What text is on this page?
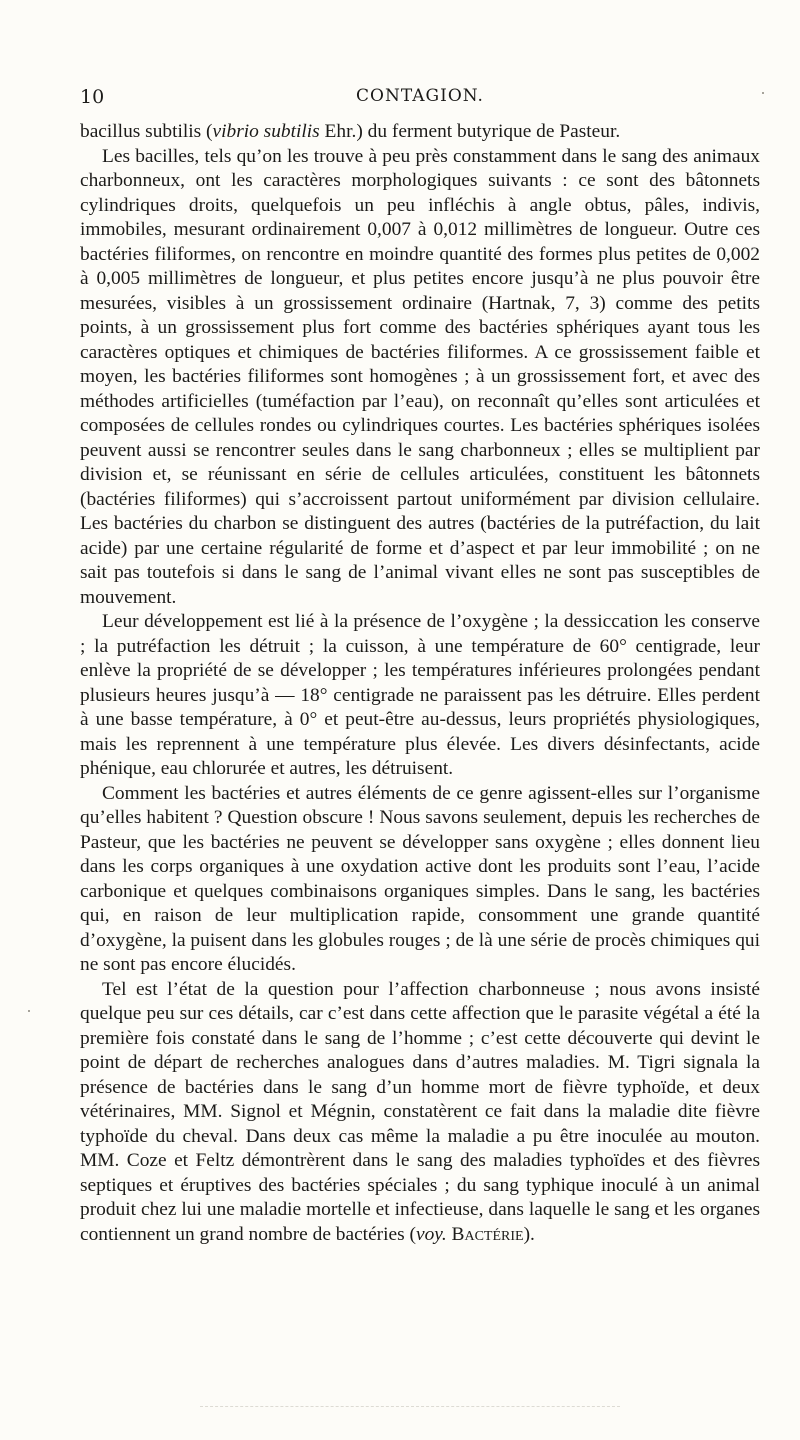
10	CONTAGION.

bacillus subtilis (vibrio subtilis Ehr.) du ferment butyrique de Pasteur.

Les bacilles, tels qu’on les trouve à peu près constamment dans le sang des animaux charbonneux, ont les caractères morphologiques suivants : ce sont des bâtonnets cylindriques droits, quelquefois un peu infléchis à angle obtus, pâles, indivis, immobiles, mesurant ordinairement 0,007 à 0,012 millimètres de longueur. Outre ces bactéries filiformes, on rencontre en moindre quantité des formes plus petites de 0,002 à 0,005 millimètres de longueur, et plus petites encore jusqu’à ne plus pouvoir être mesurées, visibles à un grossissement ordinaire (Hartnak, 7, 3) comme des petits points, à un grossissement plus fort comme des bactéries sphériques ayant tous les caractères optiques et chimiques de bactéries filiformes. A ce grossissement faible et moyen, les bactéries filiformes sont homogènes ; à un grossissement fort, et avec des méthodes artificielles (tuméfaction par l’eau), on reconnaît qu’elles sont articulées et composées de cellules rondes ou cylindriques courtes. Les bactéries sphériques isolées peuvent aussi se rencontrer seules dans le sang charbonneux ; elles se multiplient par division et, se réunissant en série de cellules articulées, constituent les bâtonnets (bactéries filiformes) qui s’accroissent partout uniformément par division cellulaire. Les bactéries du charbon se distinguent des autres (bactéries de la putréfaction, du lait acide) par une certaine régularité de forme et d’aspect et par leur immobilité ; on ne sait pas toutefois si dans le sang de l’animal vivant elles ne sont pas susceptibles de mouvement.

Leur développement est lié à la présence de l’oxygène ; la dessiccation les conserve ; la putréfaction les détruit ; la cuisson, à une température de 60° centigrade, leur enlève la propriété de se développer ; les températures inférieures prolongées pendant plusieurs heures jusqu’à — 18° centigrade ne paraissent pas les détruire. Elles perdent à une basse température, à 0° et peut-être au-dessus, leurs propriétés physiologiques, mais les reprennent à une température plus élevée. Les divers désinfectants, acide phénique, eau chlorurée et autres, les détruisent.

Comment les bactéries et autres éléments de ce genre agissent-elles sur l’organisme qu’elles habitent ? Question obscure ! Nous savons seulement, depuis les recherches de Pasteur, que les bactéries ne peuvent se développer sans oxygène ; elles donnent lieu dans les corps organiques à une oxydation active dont les produits sont l’eau, l’acide carbonique et quelques combinaisons organiques simples. Dans le sang, les bactéries qui, en raison de leur multiplication rapide, consomment une grande quantité d’oxygène, la puisent dans les globules rouges ; de là une série de procès chimiques qui ne sont pas encore élucidés.

Tel est l’état de la question pour l’affection charbonneuse ; nous avons insisté quelque peu sur ces détails, car c’est dans cette affection que le parasite végétal a été la première fois constaté dans le sang de l’homme ; c’est cette découverte qui devint le point de départ de recherches analogues dans d’autres maladies. M. Tigri signala la présence de bactéries dans le sang d’un homme mort de fièvre typhoïde, et deux vétérinaires, MM. Signol et Mégnin, constatèrent ce fait dans la maladie dite fièvre typhoïde du cheval. Dans deux cas même la maladie a pu être inoculée au mouton. MM. Coze et Feltz démontrèrent dans le sang des maladies typhoïdes et des fièvres septiques et éruptives des bactéries spéciales ; du sang typhique inoculé à un animal produit chez lui une maladie mortelle et infectieuse, dans laquelle le sang et les organes contiennent un grand nombre de bactéries (voy. Bactérie).
